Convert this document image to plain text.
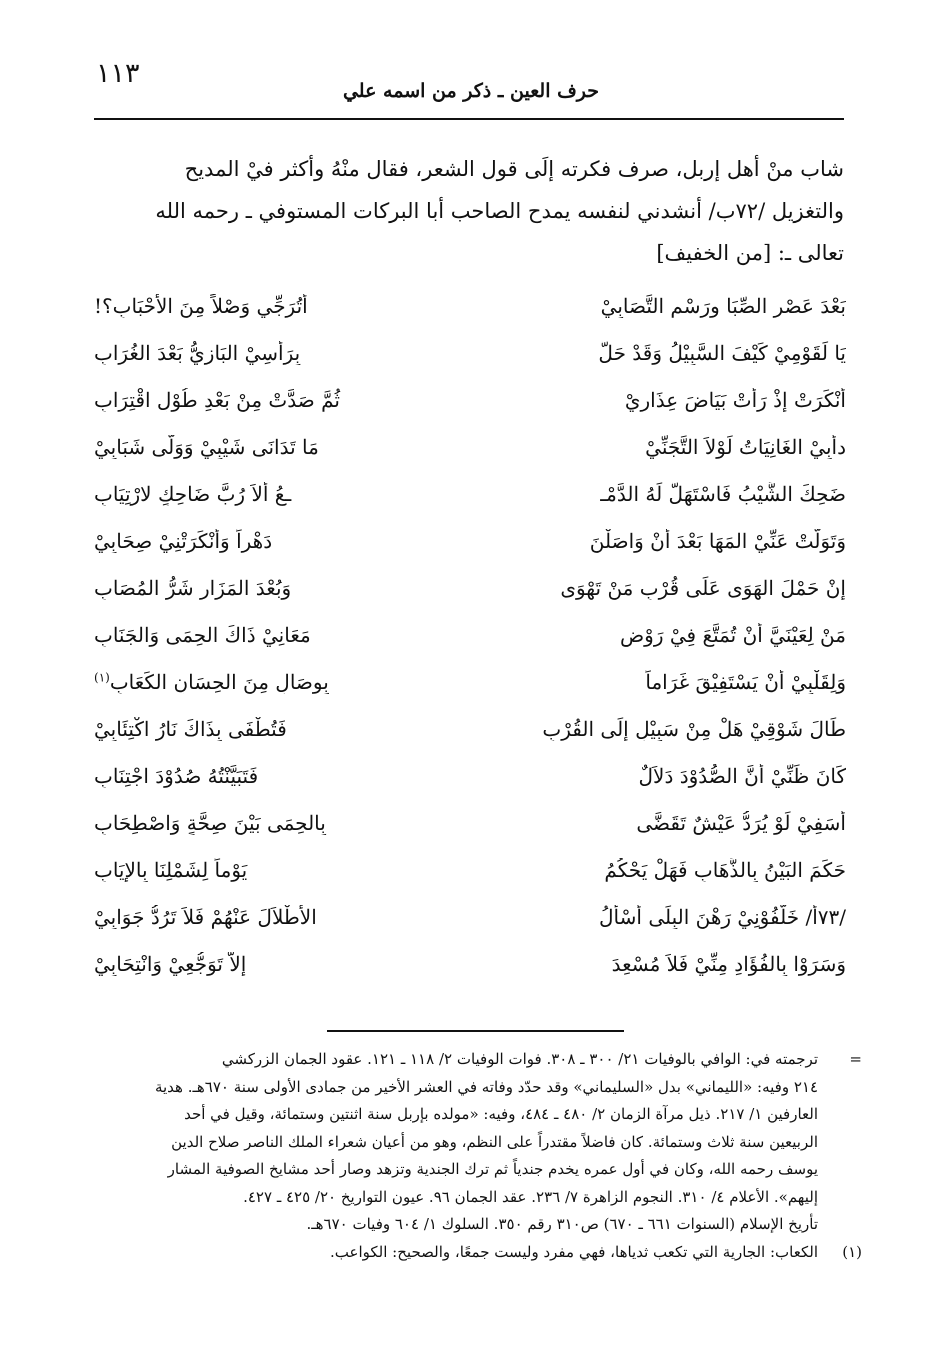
١١٣
حرف العين ـ ذكر من اسمه علي

شاب منْ أهل إربل، صرف فكرته إلَى قول الشعر، فقال منْهُ وأكثر فيْ المديح

والتغزيل /٧٢ب/ أنشدني لنفسه يمدح الصاحب أبا البركات المستوفي ـ رحمه الله

تعالى ـ: [من الخفيف]

بَعْدَ عَصْرِ الصِّبَا ورَسْمِ التَّصَابِيْ
أتُرَجِّي وَصْلاً مِنَ الأَحْبَابِ؟!
يَا لَقَوْمِيْ كَيْفَ السَّبِيْلُ وَقَدْ حَلَّ
بِرَأْسِيْ البَازِيُّ بَعْدَ الغُرَابِ
أنْكَرَتْ إذْ رَأَتْ بَيَاضَ عِذَارِيْ
ثُمَّ صَدَّتْ مِنْ بَعْدِ طُوْلِ اقْتِرَابِ
دأبِيْ الغَانِيَاتُ لَوْلاَ التَّجَنِّيْ
مَا تَدَانَى شَيْبِيْ وَوَلَّى شَبَابِيْ
ضَحِكَ الشَّيْبُ فَاسْتَهَلَّ لَهُ الدَّمْـ
ـعُ ألاَ رُبَّ ضَاحِكٍ لارْتِيَابِ
وَتَوَلَّتْ عَنِّيْ المَهَا بَعْدَ أنْ وَاصَلْنَ
دَهْراً وَأنْكَرَتْنِيْ صِحَابِيْ
إنْ حَمْلَ الهَوَى عَلَى قُرْبِ مَنْ تَهْوَى
وَبُعْدَ المَزَارِ شَرُّ المُصَابِ
مَنْ لِعَيْنَيَّ أنْ تُمَتَّعَ فِيْ رَوْضِ
مَعَانِيْ ذَاكَ الحِمَى وَالجَنَابِ
وَلِقَلْبِيْ أنْ يَسْتَفِيْقَ غَرَاماً
بِوِصَالٍ مِنَ الحِسَانِ الكَعَابِ$^{(١)}$
طَالَ شَوْقِيْ هَلْ مِنْ سَبِيْلٍ إلَى القُرْبِ
فَتُطْفَى بِذَاكَ نَارُ اكْتِئَابِيْ
كَانَ ظَنِّيْ أنَّ الصُّدُوْدَ دَلاَلٌ
فَتَبَيَّنْتُهُ صُدُوْدَ اجْتِنَابِ
أسَفِيْ لَوْ يُرَدُّ عَيْشٌ تَقَضَّى
بِالحِمَى بَيْنَ صِحَّةٍ وَاصْطِحَابِ
حَكَمَ البَيْنُ بِالذَّهَابِ فَهَلْ يَحْكُمُ
يَوْماً لِشَمْلِنَا بِالإيَابِ
/٧٣أ/ خَلَّفُوْنِيْ رَهْنَ البِلَى أسْألُ
الأطْلاَلَ عَنْهُمْ فَلاَ تَرُدُّ جَوَابِيْ
وَسَرَوْا بِالفُؤَادِ مِنِّيْ فَلاَ مُسْعِدَ
إلاَّ تَوَجُّعِيْ وَانْتِحَابِيْ
=
ترجمته في: الوافي بالوفيات ٢١/ ٣٠٠ ـ ٣٠٨. فوات الوفيات ٢/ ١١٨ ـ ١٢١. عقود الجمان الزركشي
٢١٤ وفيه: «الليماني» بدل «السليماني» وقد حدّد وفاته في العشر الأخير من جمادى الأولى سنة ٦٧٠هـ. هدية
العارفين ١/ ٢١٧. ذيل مرآة الزمان ٢/ ٤٨٠ ـ ٤٨٤، وفيه: «مولده بإربل سنة اثنتين وستمائة، وقيل في أحد
الربيعين سنة ثلاث وستمائة. كان فاضلاً مقتدراً على النظم، وهو من أعيان شعراء الملك الناصر صلاح الدين
يوسف رحمه الله، وكان في أول عمره يخدم جندياً ثم ترك الجندية وتزهد وصار أحد مشايخ الصوفية المشار
إليهم». الأعلام ٤/ ٣١٠. النجوم الزاهرة ٧/ ٢٣٦. عقد الجمان ٩٦. عيون التواريخ ٢٠/ ٤٢٥ ـ ٤٢٧.
تأريخ الإسلام (السنوات ٦٦١ ـ ٦٧٠) ص٣١٠ رقم ٣٥٠. السلوك ١/ ٦٠٤ وفيات ٦٧٠هـ.
(١)
الكعاب: الجارية التي تكعب ثدياها، فهي مفرد وليست جمعًا، والصحيح: الكواعب.
